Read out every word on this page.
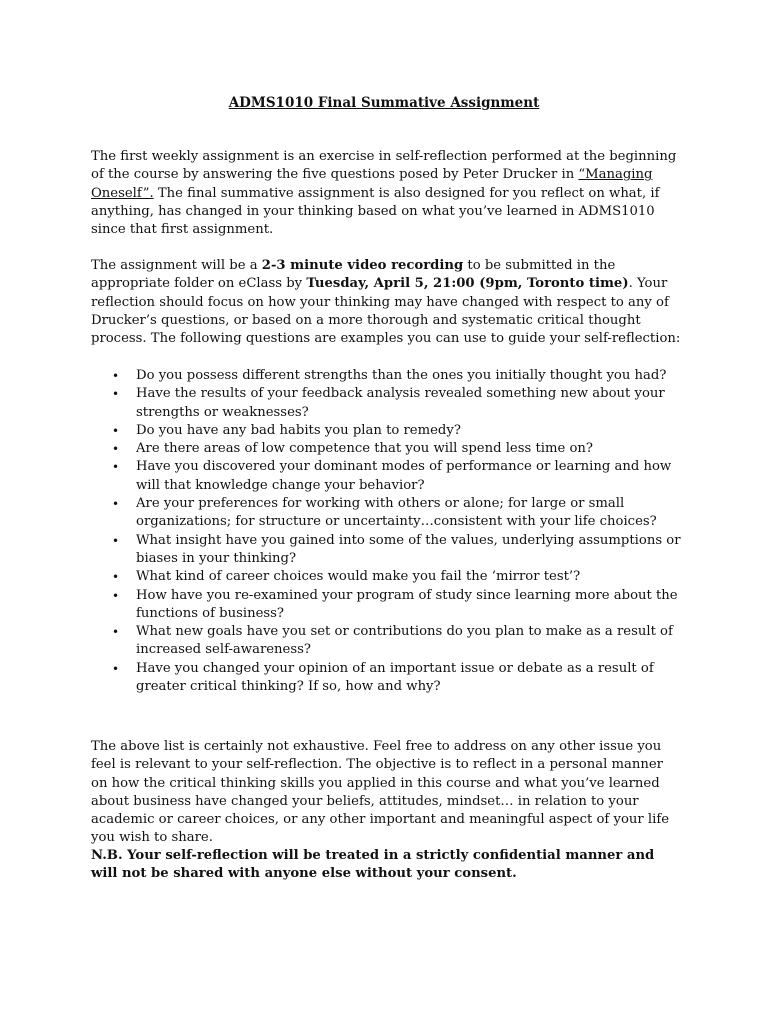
ADMS1010 Final Summative Assignment

The first weekly assignment is an exercise in self-reflection performed at the beginning of the course by answering the five questions posed by Peter Drucker in “Managing Oneself”. The final summative assignment is also designed for you reflect on what, if anything, has changed in your thinking based on what you’ve learned in ADMS1010 since that first assignment.

The assignment will be a 2-3 minute video recording to be submitted in the appropriate folder on eClass by Tuesday, April 5, 21:00 (9pm, Toronto time). Your reflection should focus on how your thinking may have changed with respect to any of Drucker’s questions, or based on a more thorough and systematic critical thought process. The following questions are examples you can use to guide your self-reflection:

• Do you possess different strengths than the ones you initially thought you had?
• Have the results of your feedback analysis revealed something new about your strengths or weaknesses?
• Do you have any bad habits you plan to remedy?
• Are there areas of low competence that you will spend less time on?
• Have you discovered your dominant modes of performance or learning and how will that knowledge change your behavior?
• Are your preferences for working with others or alone; for large or small organizations; for structure or uncertainty…consistent with your life choices?
• What insight have you gained into some of the values, underlying assumptions or biases in your thinking?
• What kind of career choices would make you fail the ‘mirror test’?
• How have you re-examined your program of study since learning more about the functions of business?
• What new goals have you set or contributions do you plan to make as a result of increased self-awareness?
• Have you changed your opinion of an important issue or debate as a result of greater critical thinking? If so, how and why?

The above list is certainly not exhaustive. Feel free to address on any other issue you feel is relevant to your self-reflection. The objective is to reflect in a personal manner on how the critical thinking skills you applied in this course and what you’ve learned about business have changed your beliefs, attitudes, mindset… in relation to your academic or career choices, or any other important and meaningful aspect of your life you wish to share.

N.B. Your self-reflection will be treated in a strictly confidential manner and will not be shared with anyone else without your consent.
